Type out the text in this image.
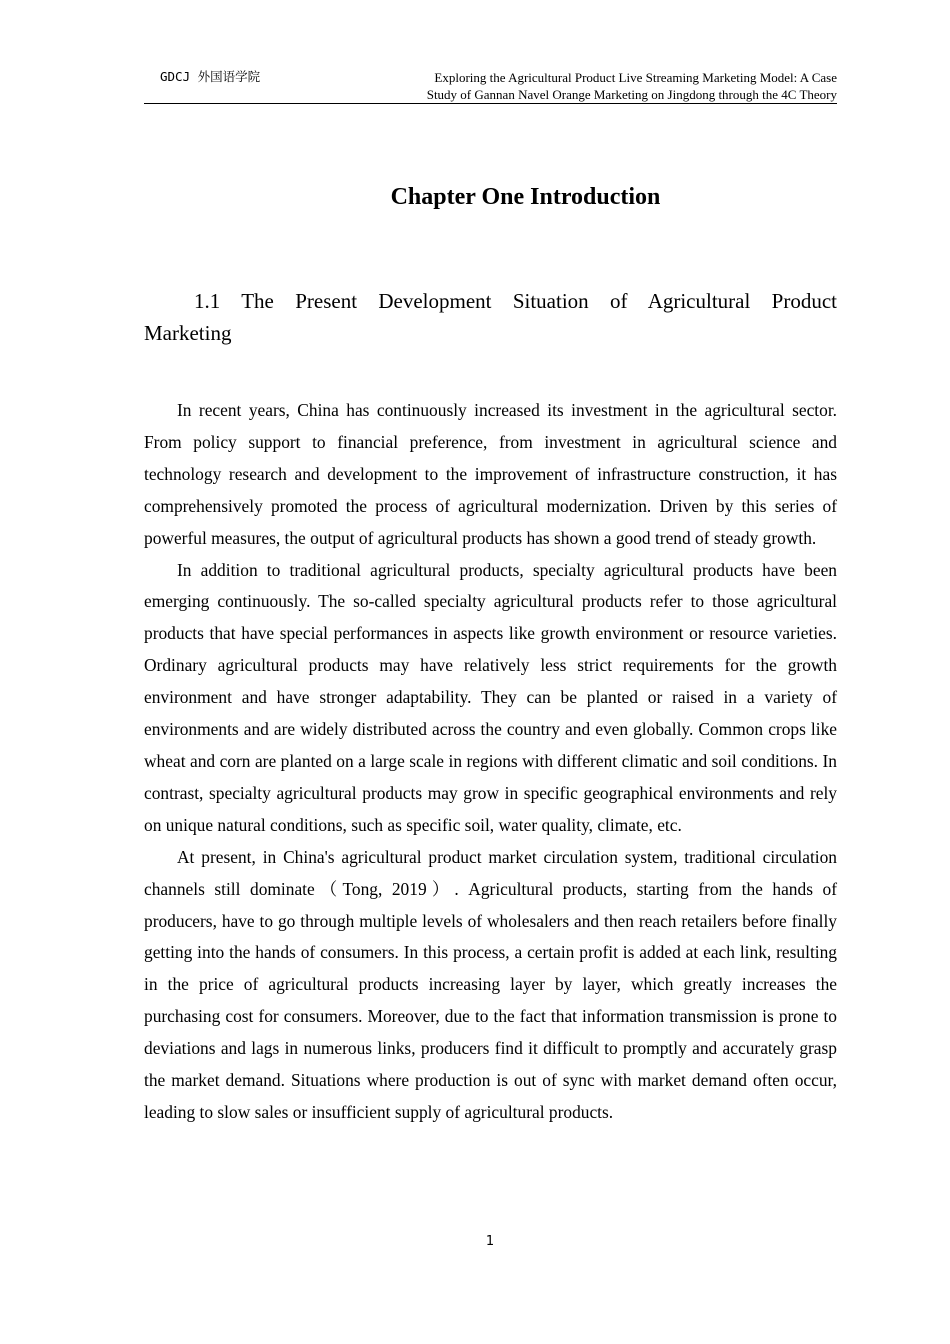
GDCJ 外国语学院	Exploring the Agricultural Product Live Streaming Marketing Model: A Case
Study of Gannan Navel Orange Marketing on Jingdong through the 4C Theory
Chapter One Introduction
1.1 The Present Development Situation of Agricultural Product
Marketing

In recent years, China has continuously increased its investment in the agricultural sector. From policy support to financial preference, from investment in agricultural science and technology research and development to the improvement of infrastructure construction, it has comprehensively promoted the process of agricultural modernization. Driven by this series of powerful measures, the output of agricultural products has shown a good trend of steady growth.

In addition to traditional agricultural products, specialty agricultural products have been emerging continuously. The so-called specialty agricultural products refer to those agricultural products that have special performances in aspects like growth environment or resource varieties. Ordinary agricultural products may have relatively less strict requirements for the growth environment and have stronger adaptability. They can be planted or raised in a variety of environments and are widely distributed across the country and even globally. Common crops like wheat and corn are planted on a large scale in regions with different climatic and soil conditions. In contrast, specialty agricultural products may grow in specific geographical environments and rely on unique natural conditions, such as specific soil, water quality, climate, etc.

At present, in China's agricultural product market circulation system, traditional circulation channels still dominate（Tong, 2019）. Agricultural products, starting from the hands of producers, have to go through multiple levels of wholesalers and then reach retailers before finally getting into the hands of consumers. In this process, a certain profit is added at each link, resulting in the price of agricultural products increasing layer by layer, which greatly increases the purchasing cost for consumers. Moreover, due to the fact that information transmission is prone to deviations and lags in numerous links, producers find it difficult to promptly and accurately grasp the market demand. Situations where production is out of sync with market demand often occur, leading to slow sales or insufficient supply of agricultural products.

1
